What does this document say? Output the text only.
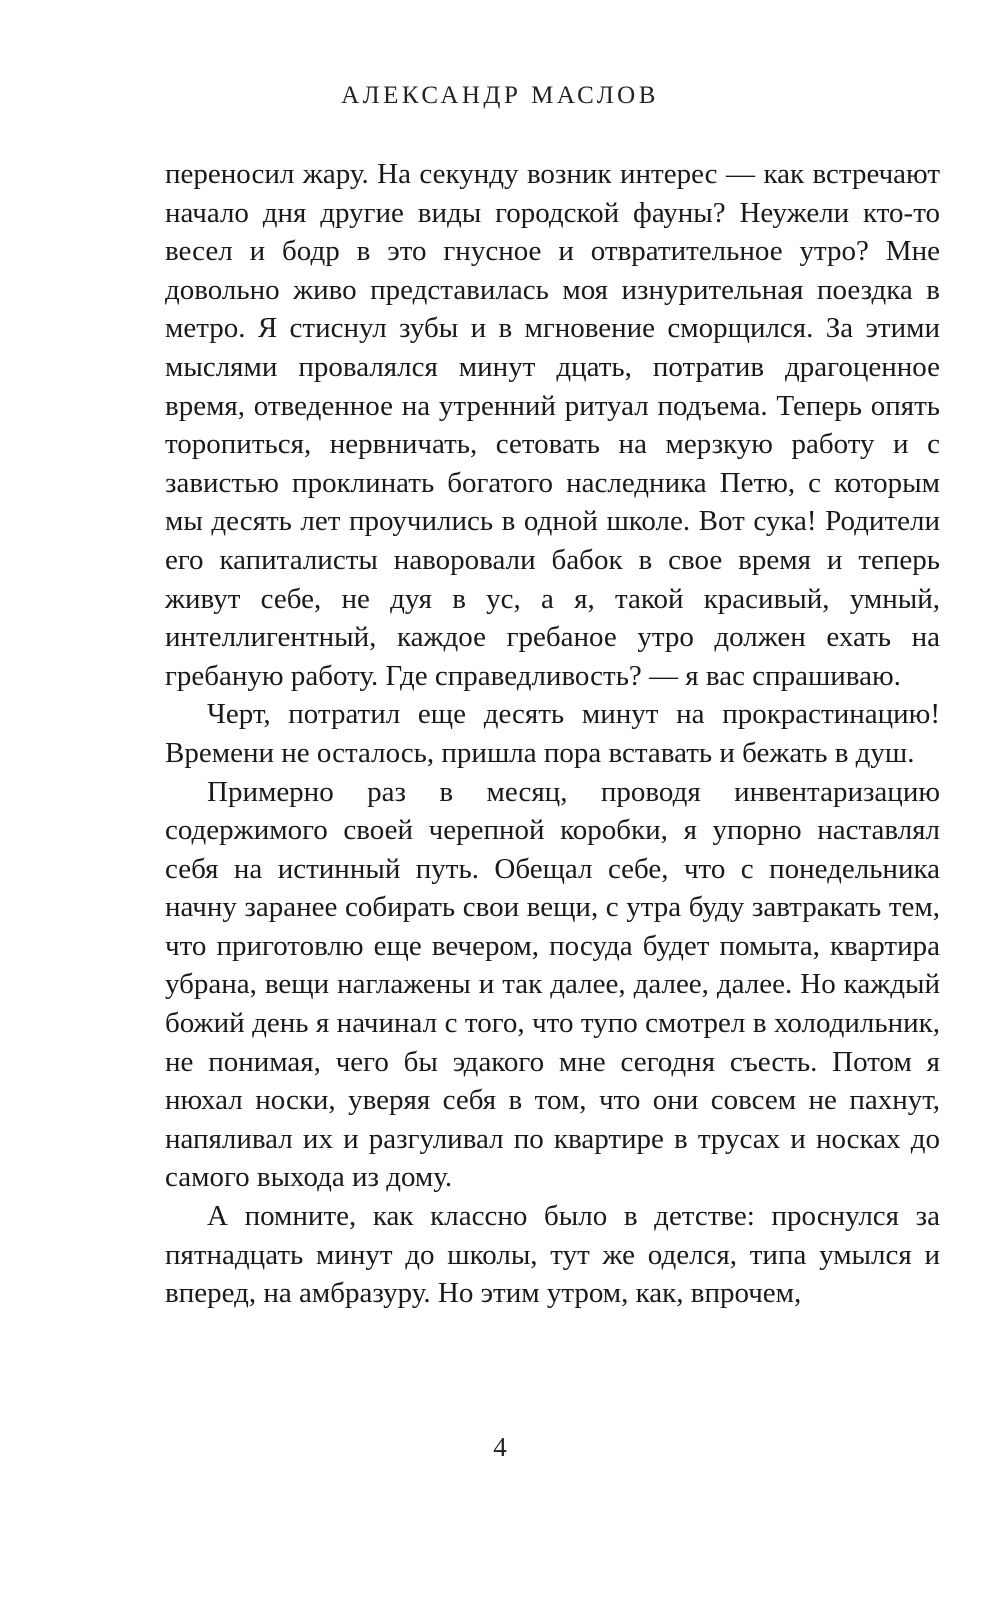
АЛЕКСАНДР МАСЛОВ

переносил жару. На секунду возник интерес — как встречают начало дня другие виды городской фауны? Неужели кто-то весел и бодр в это гнусное и отвратительное утро? Мне довольно живо представилась моя изнурительная поездка в метро. Я стиснул зубы и в мгновение сморщился. За этими мыслями провалялся минут дцать, потратив драгоценное время, отведенное на утренний ритуал подъема. Теперь опять торопиться, нервничать, сетовать на мерзкую работу и с завистью проклинать богатого наследника Петю, с которым мы десять лет проучились в одной школе. Вот сука! Родители его капиталисты наворовали бабок в свое время и теперь живут себе, не дуя в ус, а я, такой красивый, умный, интеллигентный, каждое гребаное утро должен ехать на гребаную работу. Где справедливость? — я вас спрашиваю.

Черт, потратил еще десять минут на прокрастинацию! Времени не осталось, пришла пора вставать и бежать в душ.

Примерно раз в месяц, проводя инвентаризацию содержимого своей черепной коробки, я упорно наставлял себя на истинный путь. Обещал себе, что с понедельника начну заранее собирать свои вещи, с утра буду завтракать тем, что приготовлю еще вечером, посуда будет помыта, квартира убрана, вещи наглажены и так далее, далее, далее. Но каждый божий день я начинал с того, что тупо смотрел в холодильник, не понимая, чего бы эдакого мне сегодня съесть. Потом я нюхал носки, уверяя себя в том, что они совсем не пахнут, напяливал их и разгуливал по квартире в трусах и носках до самого выхода из дому.

А помните, как классно было в детстве: проснулся за пятнадцать минут до школы, тут же оделся, типа умылся и вперед, на амбразуру. Но этим утром, как, впрочем,

4
